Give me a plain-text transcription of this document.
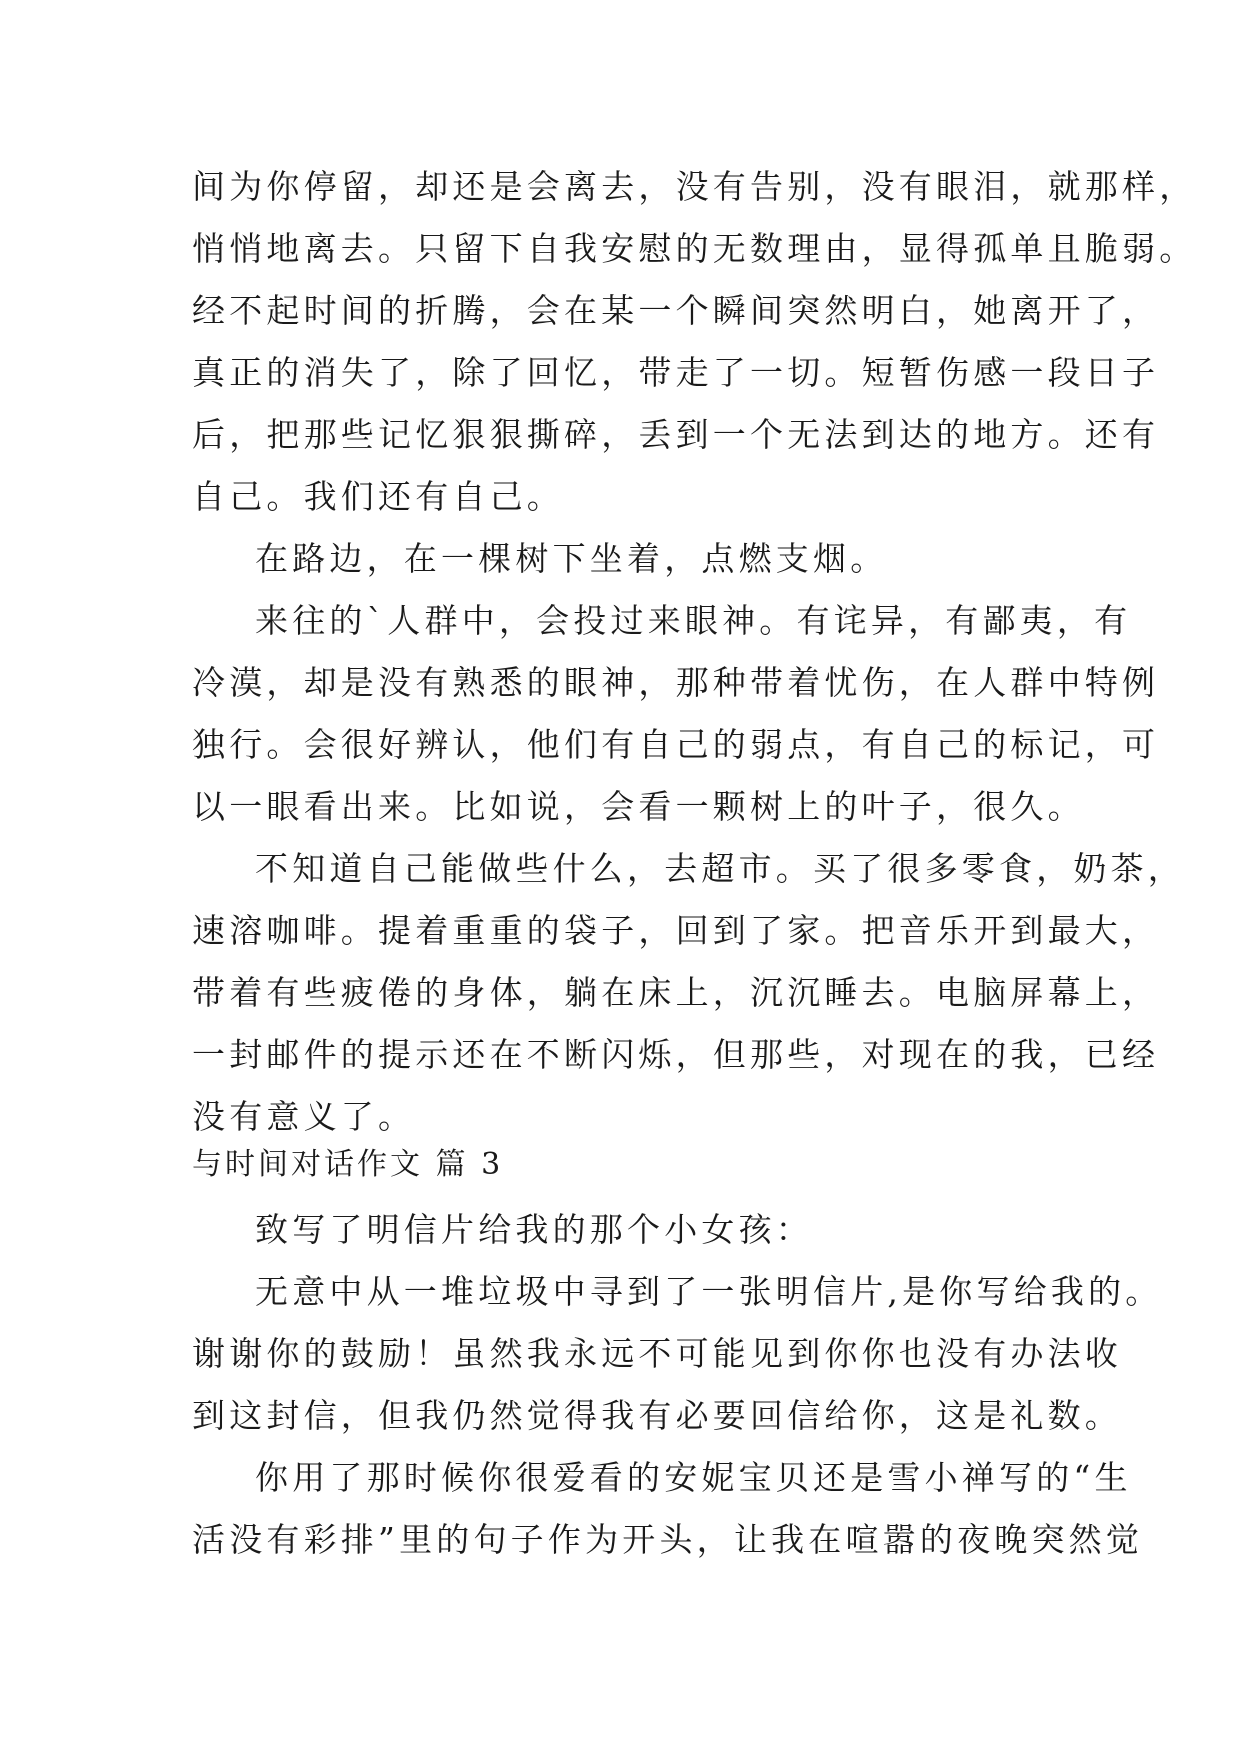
间为你停留，却还是会离去，没有告别，没有眼泪，就那样，
悄悄地离去。只留下自我安慰的无数理由，显得孤单且脆弱。
经不起时间的折腾，会在某一个瞬间突然明白，她离开了，
真正的消失了，除了回忆，带走了一切。短暂伤感一段日子
后，把那些记忆狠狠撕碎，丢到一个无法到达的地方。还有
自己。我们还有自己。
在路边，在一棵树下坐着，点燃支烟。
来往的`人群中，会投过来眼神。有诧异，有鄙夷，有
冷漠，却是没有熟悉的眼神，那种带着忧伤，在人群中特例
独行。会很好辨认，他们有自己的弱点，有自己的标记，可
以一眼看出来。比如说，会看一颗树上的叶子，很久。
不知道自己能做些什么，去超市。买了很多零食，奶茶，
速溶咖啡。提着重重的袋子，回到了家。把音乐开到最大，
带着有些疲倦的身体，躺在床上，沉沉睡去。电脑屏幕上，
一封邮件的提示还在不断闪烁，但那些，对现在的我，已经
没有意义了。
与时间对话作文 篇 3
致写了明信片给我的那个小女孩：
无意中从一堆垃圾中寻到了一张明信片,是你写给我的。
谢谢你的鼓励！虽然我永远不可能见到你你也没有办法收
到这封信，但我仍然觉得我有必要回信给你，这是礼数。
你用了那时候你很爱看的安妮宝贝还是雪小禅写的“生
活没有彩排”里的句子作为开头，让我在喧嚣的夜晚突然觉
